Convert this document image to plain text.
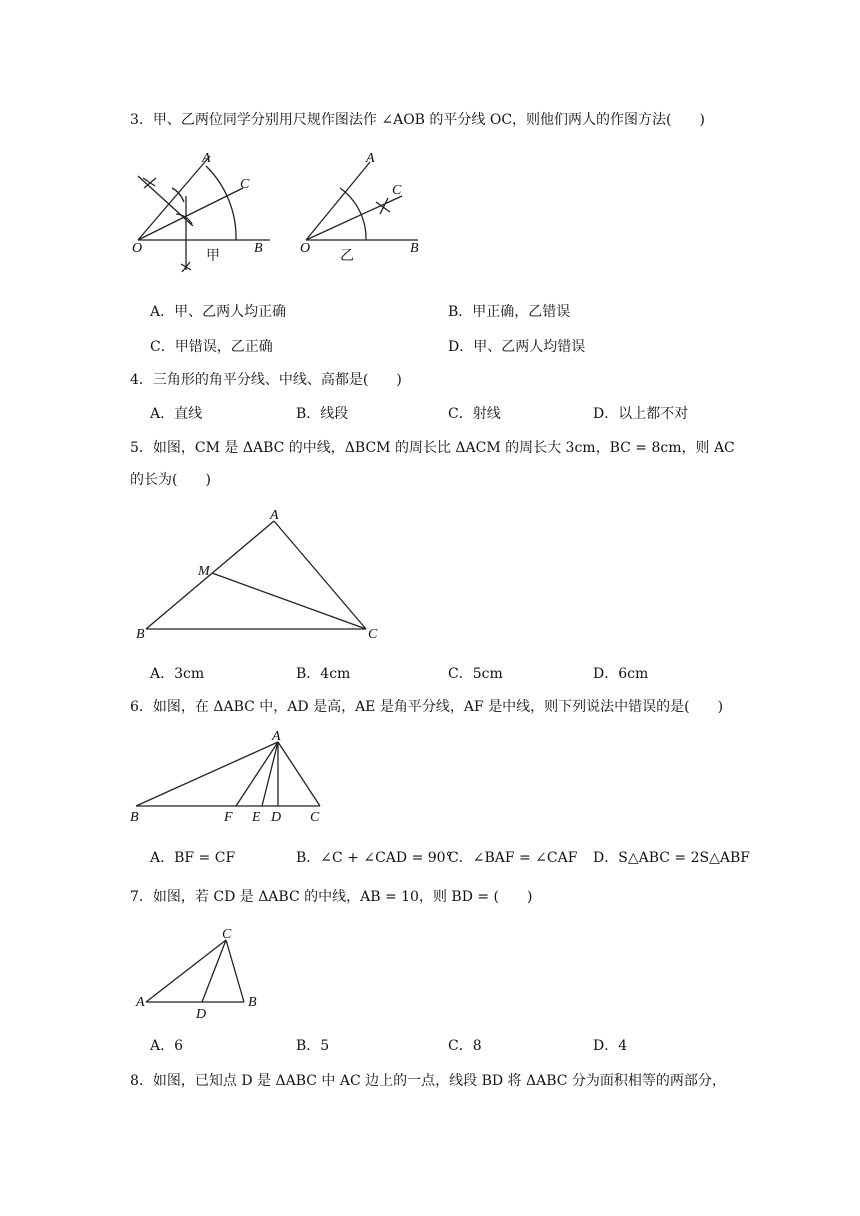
3．甲、乙两位同学分别用尺规作图法作 ∠AOB 的平分线 OC，则他们两人的作图方法(　　)
A
C
O	B
甲
A
C
O	B
乙
A．甲、乙两人均正确	B．甲正确，乙错误
C．甲错误，乙正确	D．甲、乙两人均错误
4．三角形的角平分线、中线、高都是(　　)
A．直线	B．线段	C．射线	D．以上都不对
5．如图，CM 是 ΔABC 的中线，ΔBCM 的周长比 ΔACM 的周长大 3cm，BC = 8cm，则 AC
的长为(　　)
A
M
B	C
A．3cm	B．4cm	C．5cm	D．6cm
6．如图，在 ΔABC 中，AD 是高，AE 是角平分线，AF 是中线，则下列说法中错误的是(　　)
A
B	F E D C
A．BF = CF	B．∠C + ∠CAD = 90°
C．∠BAF = ∠CAF D．S△ABC = 2S△ABF
7．如图，若 CD 是 ΔABC 的中线，AB = 10，则 BD = (　　)
C
A
D
B
A．6	B．5	C．8	D．4
8．如图，已知点 D 是 ΔABC 中 AC 边上的一点，线段 BD 将 ΔABC 分为面积相等的两部分，
